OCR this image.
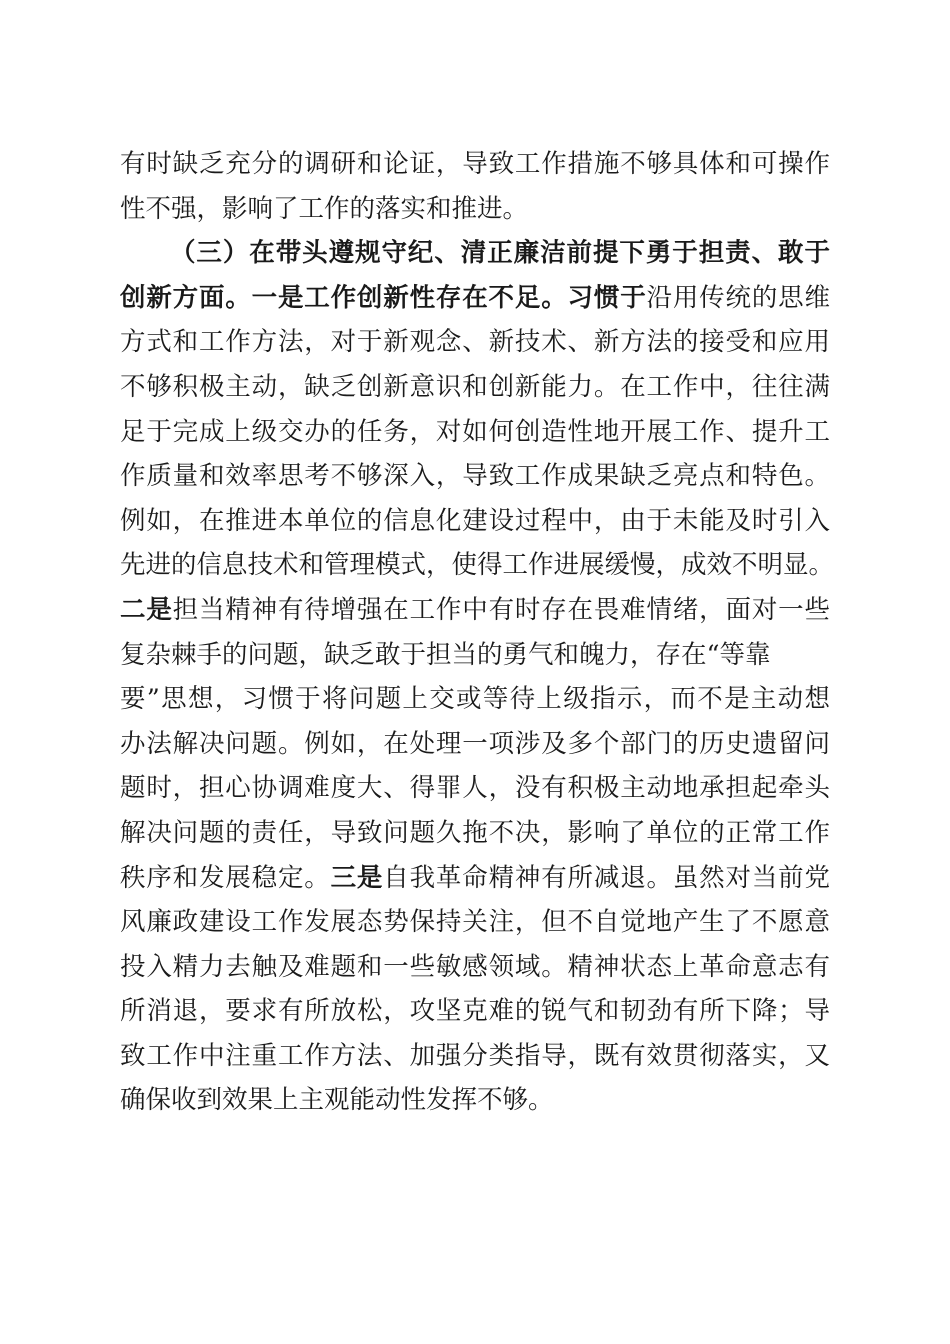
有时缺乏充分的调研和论证，导致工作措施不够具体和可操作
性不强，影响了工作的落实和推进。
（三）在带头遵规守纪、清正廉洁前提下勇于担责、敢于
创新方面。一是工作创新性存在不足。习惯于沿用传统的思维
方式和工作方法，对于新观念、新技术、新方法的接受和应用
不够积极主动，缺乏创新意识和创新能力。在工作中，往往满
足于完成上级交办的任务，对如何创造性地开展工作、提升工
作质量和效率思考不够深入，导致工作成果缺乏亮点和特色。
例如，在推进本单位的信息化建设过程中，由于未能及时引入
先进的信息技术和管理模式，使得工作进展缓慢，成效不明显。
二是担当精神有待增强在工作中有时存在畏难情绪，面对一些
复杂棘手的问题，缺乏敢于担当的勇气和魄力，存在“等靠
要”思想，习惯于将问题上交或等待上级指示，而不是主动想
办法解决问题。例如，在处理一项涉及多个部门的历史遗留问
题时，担心协调难度大、得罪人，没有积极主动地承担起牵头
解决问题的责任，导致问题久拖不决，影响了单位的正常工作
秩序和发展稳定。三是自我革命精神有所减退。虽然对当前党
风廉政建设工作发展态势保持关注，但不自觉地产生了不愿意
投入精力去触及难题和一些敏感领域。精神状态上革命意志有
所消退，要求有所放松，攻坚克难的锐气和韧劲有所下降；导
致工作中注重工作方法、加强分类指导，既有效贯彻落实，又
确保收到效果上主观能动性发挥不够。
